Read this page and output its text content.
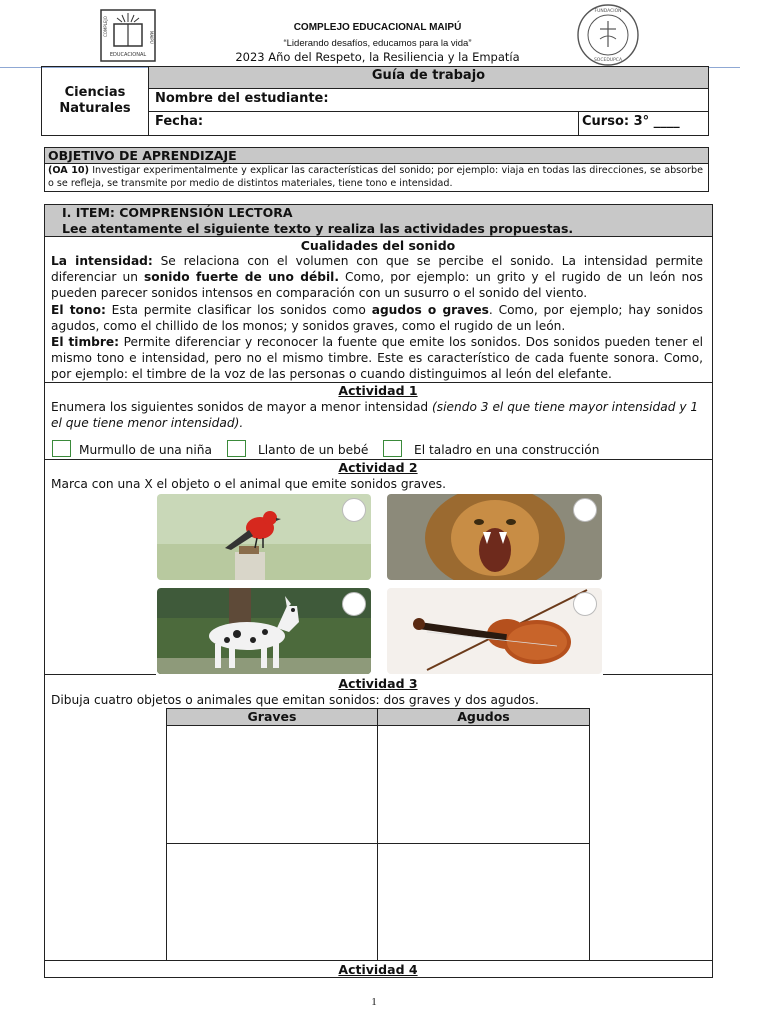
EDUCACIONAL
COMPLEJO
MAIPÚ
COMPLEJO EDUCACIONAL MAIPÚ
“Liderando desafíos, educamos para la vida”
2023 Año del Respeto, la Resiliencia y la Empatía	SOCEDUPCA
FUNDACIÓN
Ciencias Naturales
Guía de trabajo
Nombre del estudiante:
Fecha:	Curso: 3° ____
OBJETIVO DE APRENDIZAJE
(OA 10) Investigar experimentalmente y explicar las características del sonido; por ejemplo: viaja en todas las direcciones, se absorbe o se refleja, se transmite por medio de distintos materiales, tiene tono e intensidad.
I. ITEM: COMPRENSIÓN LECTORA
Lee atentamente el siguiente texto y realiza las actividades propuestas.
Cualidades del sonido
La intensidad: Se relaciona con el volumen con que se percibe el sonido. La intensidad permite diferenciar un sonido fuerte de uno débil. Como, por ejemplo: un grito y el rugido de un león nos pueden parecer sonidos intensos en comparación con un susurro o el sonido del viento.
El tono: Esta permite clasificar los sonidos como agudos o graves. Como, por ejemplo; hay sonidos agudos, como el chillido de los monos; y sonidos graves, como el rugido de un león.
El timbre: Permite diferenciar y reconocer la fuente que emite los sonidos. Dos sonidos pueden tener el mismo tono e intensidad, pero no el mismo timbre. Este es característico de cada fuente sonora. Como, por ejemplo: el timbre de la voz de las personas o cuando distinguimos al león del elefante.
Actividad 1
Enumera los siguientes sonidos de mayor a menor intensidad (siendo 3 el que tiene mayor intensidad y 1 el que tiene menor intensidad).
Murmullo de una niña	Llanto de un bebé	El taladro en una construcción
Actividad 2
Marca con una X el objeto o el animal que emite sonidos graves.
Actividad 3
Dibuja cuatro objetos o animales que emitan sonidos: dos graves y dos agudos.
Graves	Agudos
Actividad 4
1
